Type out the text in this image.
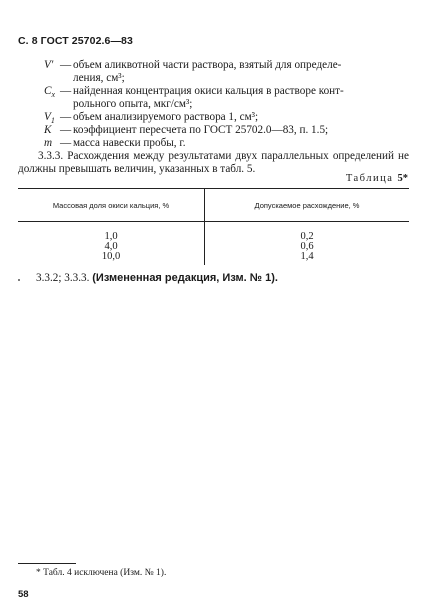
С. 8 ГОСТ 25702.6—83
V′ — объем аликвотной части раствора, взятый для определе-
ления, см³;
$C_x$ — найденная концентрация окиси кальция в растворе конт-
рольного опыта, мкг/см³;
$V_1$ — объем анализируемого раствора 1, см³;
K — коэффициент пересчета по ГОСТ 25702.0—83, п. 1.5;
m — масса навески пробы, г.
3.3.3. Расхождения между результатами двух параллельных определений не должны превышать величин, указанных в табл. 5.
Таблица 5*
Массовая доля окиси кальция, %	Допускаемое расхождение, %
1,0	0,2
4,0	0,6
10,0	1,4
3.3.2; 3.3.3. (Измененная редакция, Изм. № 1).
* Табл. 4 исключена (Изм. № 1).
58
